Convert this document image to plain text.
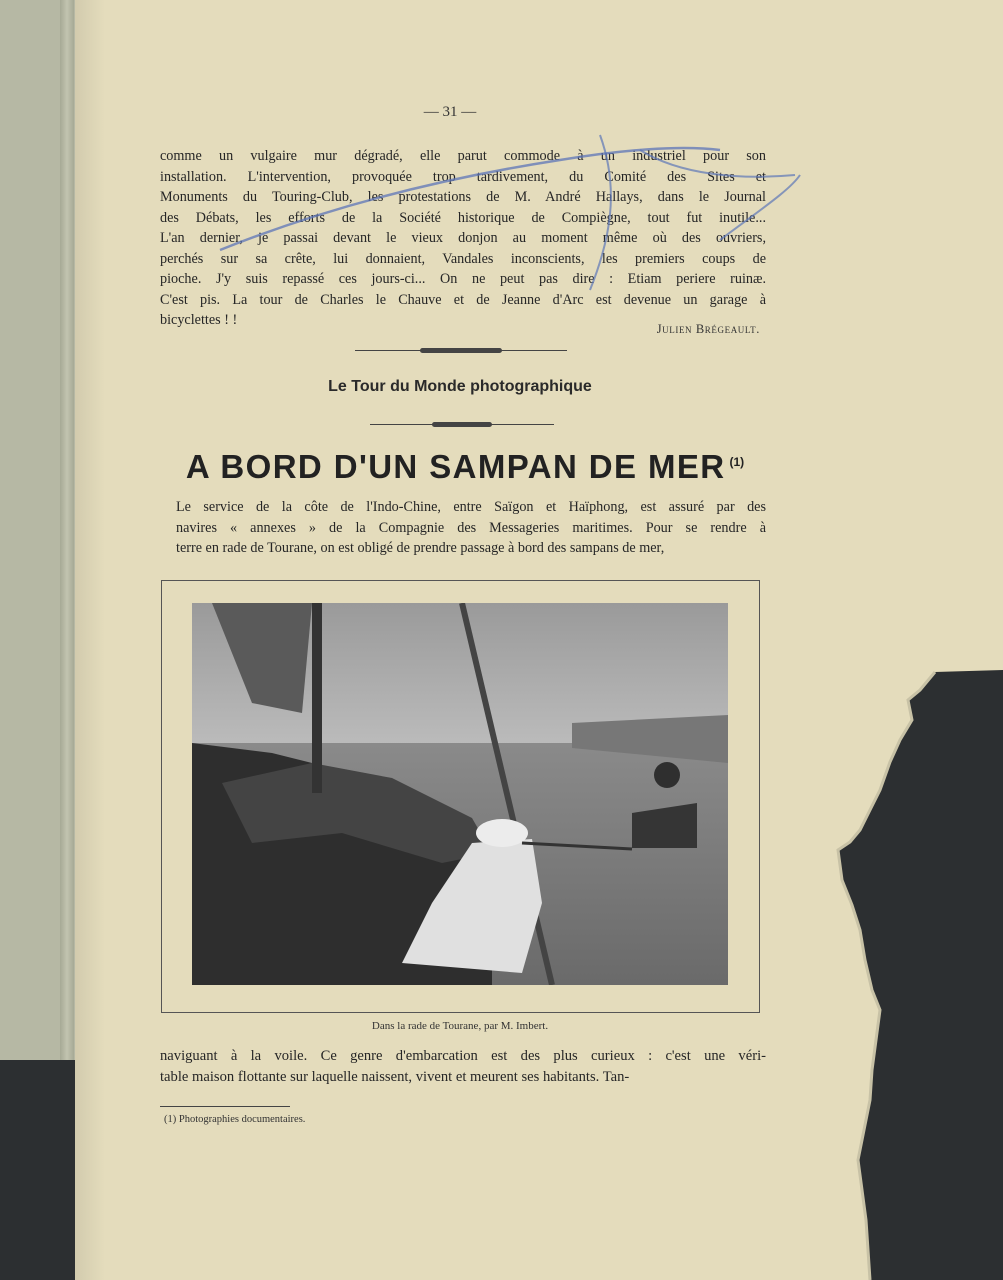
— 31 —
comme un vulgaire mur dégradé, elle parut commode à un industriel pour son
installation. L'intervention, provoquée trop tardivement, du Comité des Sites et
Monuments du Touring-Club, les protestations de M. André Hallays, dans le Journal
des Débats, les efforts de la Société historique de Compiègne, tout fut inutile...
L'an dernier, je passai devant le vieux donjon au moment même où des ouvriers,
perchés sur sa crête, lui donnaient, Vandales inconscients, les premiers coups de
pioche. J'y suis repassé ces jours-ci... On ne peut pas dire : Etiam periere ruinæ.
C'est pis. La tour de Charles le Chauve et de Jeanne d'Arc est devenue un garage à
bicyclettes ! !
Julien Brégeault.
Le Tour du Monde photographique
A BORD D'UN SAMPAN DE MER $^{(1)}$
Le service de la côte de l'Indo-Chine, entre Saïgon et Haïphong, est assuré par des
navires « annexes » de la Compagnie des Messageries maritimes. Pour se rendre à
terre en rade de Tourane, on est obligé de prendre passage à bord des sampans de mer,
Dans la rade de Tourane, par M. Imbert.
naviguant à la voile. Ce genre d'embarcation est des plus curieux : c'est une véri-
table maison flottante sur laquelle naissent, vivent et meurent ses habitants. Tan-
(1) Photographies documentaires.
